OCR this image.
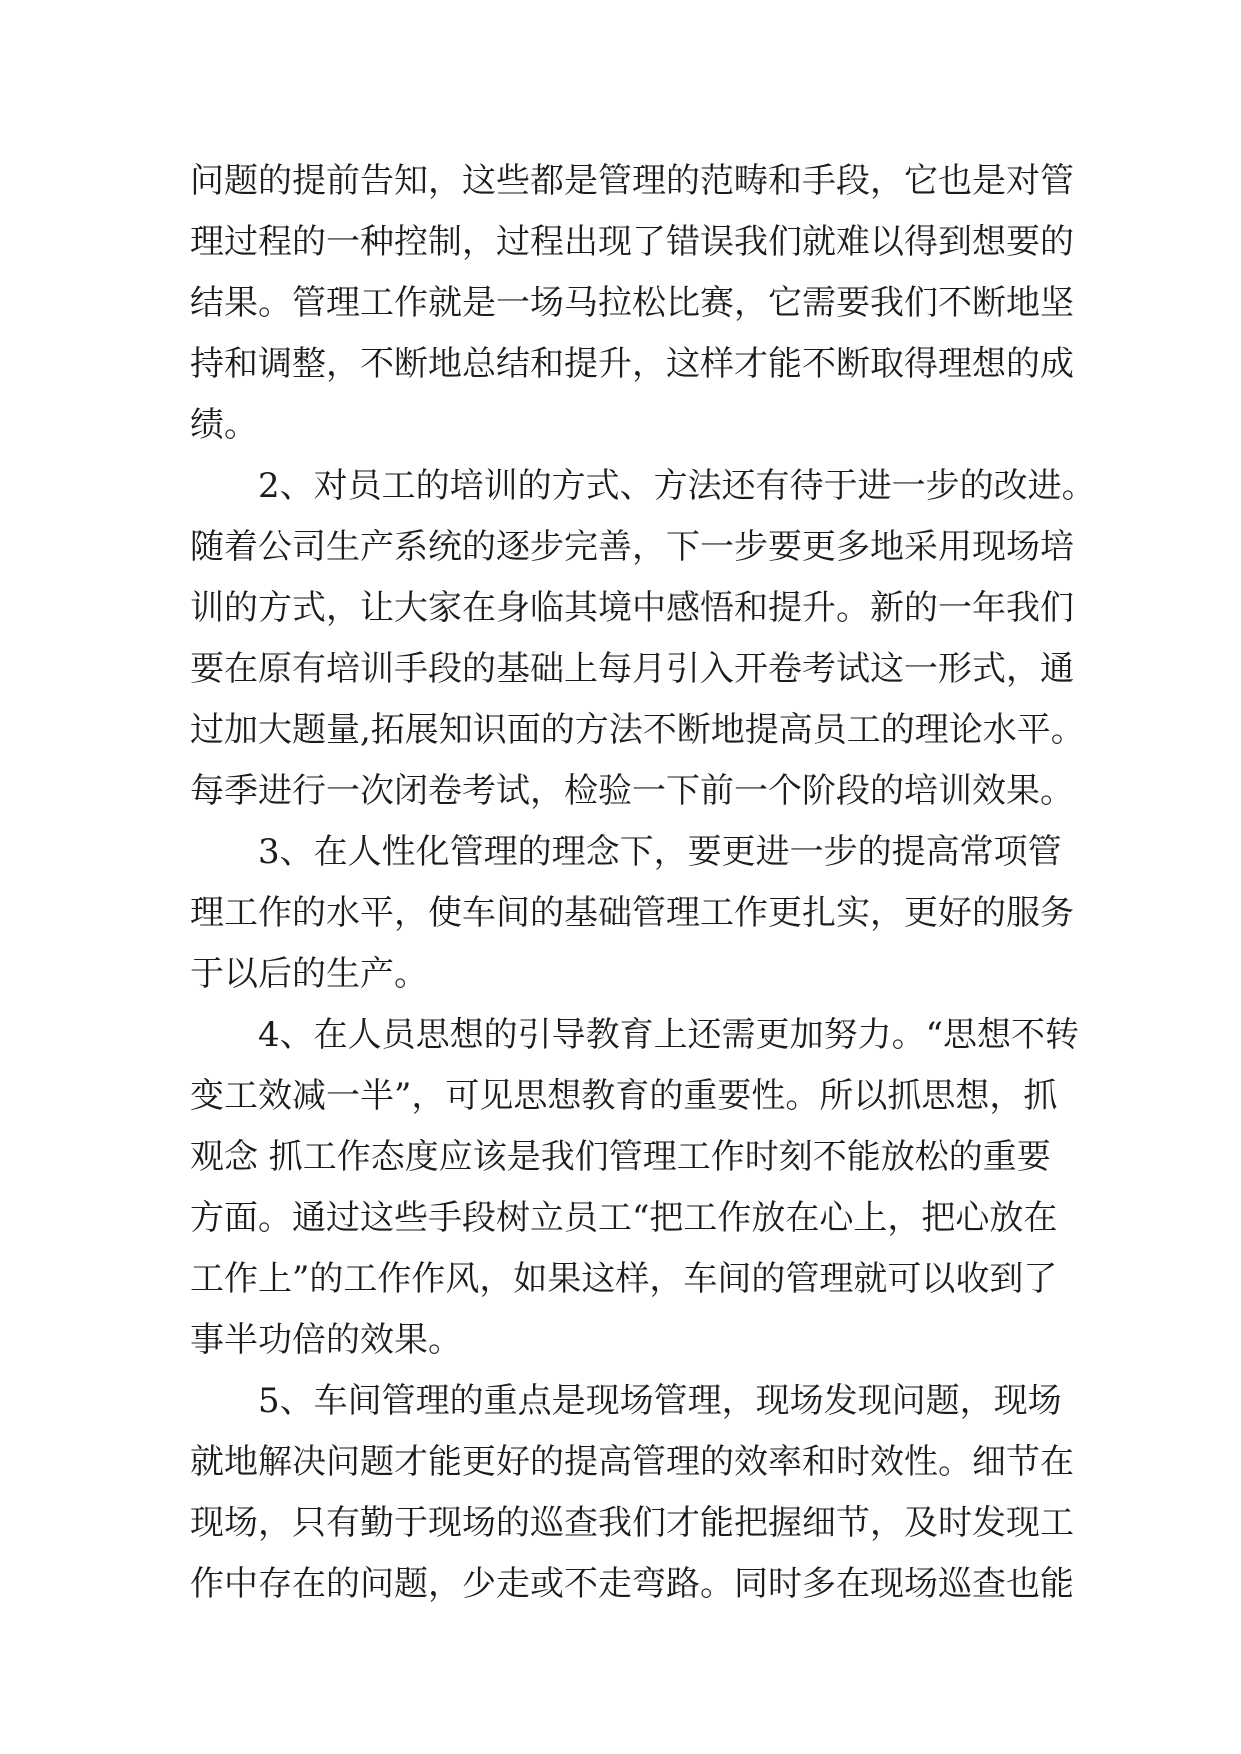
问题的提前告知，这些都是管理的范畴和手段，它也是对管
理过程的一种控制，过程出现了错误我们就难以得到想要的
结果。管理工作就是一场马拉松比赛，它需要我们不断地坚
持和调整，不断地总结和提升，这样才能不断取得理想的成
绩。
2、对员工的培训的方式、方法还有待于进一步的改进。
随着公司生产系统的逐步完善，下一步要更多地采用现场培
训的方式，让大家在身临其境中感悟和提升。新的一年我们
要在原有培训手段的基础上每月引入开卷考试这一形式，通
过加大题量,拓展知识面的方法不断地提高员工的理论水平。
每季进行一次闭卷考试，检验一下前一个阶段的培训效果。
3、在人性化管理的理念下，要更进一步的提高常项管
理工作的水平，使车间的基础管理工作更扎实，更好的服务
于以后的生产。
4、在人员思想的引导教育上还需更加努力。“思想不转
变工效减一半”，可见思想教育的重要性。所以抓思想，抓
观念 抓工作态度应该是我们管理工作时刻不能放松的重要
方面。通过这些手段树立员工“把工作放在心上，把心放在
工作上”的工作作风，如果这样，车间的管理就可以收到了
事半功倍的效果。
5、车间管理的重点是现场管理，现场发现问题，现场
就地解决问题才能更好的提高管理的效率和时效性。细节在
现场，只有勤于现场的巡查我们才能把握细节，及时发现工
作中存在的问题，少走或不走弯路。同时多在现场巡查也能
